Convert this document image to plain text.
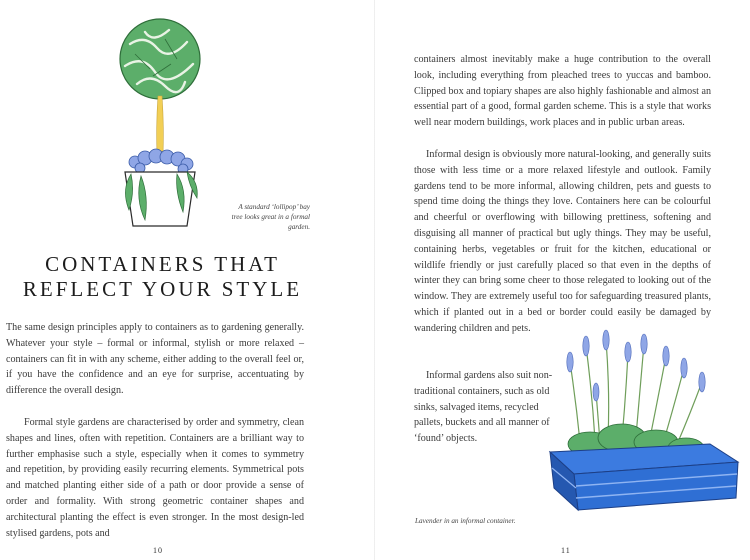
A standard ‘lollipop’ bay tree looks great in a formal garden.

CONTAINERS THAT REFLECT YOUR STYLE

The same design principles apply to containers as to gardening generally. Whatever your style – formal or informal, stylish or more relaxed – containers can fit in with any scheme, either adding to the overall feel or, if you have the confidence and an eye for surprise, accentuating by difference the overall design.

Formal style gardens are characterised by order and symmetry, clean shapes and lines, often with repetition. Containers are a brilliant way to further emphasise such a style, especially when it comes to symmetry and repetition, by providing easily recurring elements. Symmetrical pots and matched planting either side of a path or door provide a sense of order and formality. With strong geometric container shapes and architectural planting the effect is even stronger. In the most design-led stylised gardens, pots and

10

containers almost inevitably make a huge contribution to the overall look, including everything from pleached trees to yuccas and bamboo. Clipped box and topiary shapes are also highly fashionable and almost an essential part of a good, formal garden scheme. This is a style that works well near modern buildings, work places and in public urban areas.

Informal design is obviously more natural-looking, and generally suits those with less time or a more relaxed lifestyle and outlook. Family gardens tend to be more informal, allowing children, pets and guests to spend time doing the things they love. Containers here can be colourful and cheerful or overflowing with billowing prettiness, softening and disguising all manner of practical but ugly things. They may be useful, containing herbs, vegetables or fruit for the kitchen, educational or wildlife friendly or just carefully placed so that even in the depths of winter they can bring some cheer to those relegated to looking out of the window. They are extremely useful too for safeguarding treasured plants, which if planted out in a bed or border could easily be damaged by wandering children and pets.

Informal gardens also suit non-traditional containers, such as old sinks, salvaged items, recycled pallets, buckets and all manner of ‘found’ objects.

Lavender in an informal container.

11
